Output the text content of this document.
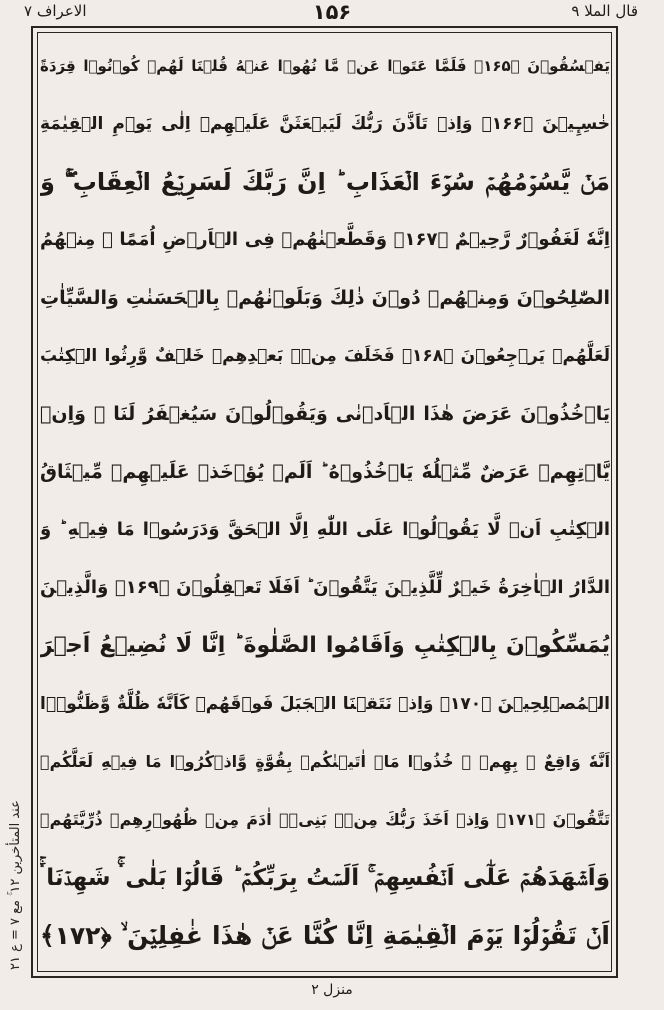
قال الملا ۹
۱۵۶
الاعراف ۷
يَفۡسُقُوۡنَ ﴿۱۶۵﴾ فَلَمَّا عَتَوۡا عَنۡ مَّا نُهُوۡا عَنۡهُ قُلۡنَا لَهُمۡ كُوۡنُوۡا قِرَدَةً
خٰسِـِٕيۡنَ ﴿۱۶۶﴾ وَاِذۡ تَاَذَّنَ رَبُّكَ لَيَبۡعَثَنَّ عَلَيۡهِمۡ اِلٰى يَوۡمِ الۡقِيٰمَةِ
مَنۡ يَّسُوۡمُهُمۡ سُوۡٓءَ الۡعَذَابِ ؕ اِنَّ رَبَّكَ لَسَرِيۡعُ الۡعِقَابِ ۖۚ وَ
اِنَّهٗ لَغَفُوۡرٌ رَّحِيۡمٌ ﴿۱۶۷﴾ وَقَطَّعۡنٰهُمۡ فِى الۡاَرۡضِ اُمَمًا ۚ مِنۡهُمُ
الصّٰلِحُوۡنَ وَمِنۡهُمۡ دُوۡنَ ذٰلِكَ وَبَلَوۡنٰهُمۡ بِالۡحَسَنٰتِ وَالسَّيِّاٰتِ
لَعَلَّهُمۡ يَرۡجِعُوۡنَ ﴿۱۶۸﴾ فَخَلَفَ مِنۡۢ بَعۡدِهِمۡ خَلۡفٌ وَّرِثُوا الۡكِتٰبَ
يَاۡخُذُوۡنَ عَرَضَ هٰذَا الۡاَدۡنٰى وَيَقُوۡلُوۡنَ سَيُغۡفَرُ لَنَا ۚ وَاِنۡ
يَّاۡتِهِمۡ عَرَضٌ مِّثۡلُهٗ يَاۡخُذُوۡهُ ؕ اَلَمۡ يُؤۡخَذۡ عَلَيۡهِمۡ مِّيۡثَاقُ
الۡكِتٰبِ اَنۡ لَّا يَقُوۡلُوۡا عَلَى اللّٰهِ اِلَّا الۡحَقَّ وَدَرَسُوۡا مَا فِيۡهِ ؕ وَ
الدَّارُ الۡاٰخِرَةُ خَيۡرٌ لِّلَّذِيۡنَ يَتَّقُوۡنَ ؕ اَفَلَا تَعۡقِلُوۡنَ ﴿۱۶۹﴾ وَالَّذِيۡنَ
يُمَسِّكُوۡنَ بِالۡكِتٰبِ وَاَقَامُوا الصَّلٰوةَ ؕ اِنَّا لَا نُضِيۡعُ اَجۡرَ
الۡمُصۡلِحِيۡنَ ﴿۱۷۰﴾ وَاِذۡ نَتَقۡنَا الۡجَبَلَ فَوۡقَهُمۡ كَاَنَّهٗ ظُلَّةٌ وَّظَنُّوۡۤا
اَنَّهٗ وَاقِعٌ ۢ بِهِمۡ ۚ خُذُوۡا مَاۤ اٰتَيۡنٰكُمۡ بِقُوَّةٍ وَّاذۡكُرُوۡا مَا فِيۡهِ لَعَلَّكُمۡ
تَتَّقُوۡنَ ﴿۱۷۱﴾ وَاِذۡ اَخَذَ رَبُّكَ مِنۡۢ بَنِىۡۤ اٰدَمَ مِنۡ ظُهُوۡرِهِمۡ ذُرِّيَّتَهُمۡ
وَاَشۡهَدَهُمۡ عَلٰٓى اَنۡفُسِهِمۡ ۚ اَلَسۡتُ بِرَبِّكُمۡ ؕ قَالُوۡا بَلٰى ۛۚ شَهِدۡنَا ۛۚ
اَنۡ تَقُوۡلُوۡا يَوۡمَ الۡقِيٰمَةِ اِنَّا كُنَّا عَنۡ هٰذَا غٰفِلِيۡنَ ۙ ﴿۱۷۲﴾
عند المتأخرين ۱۲ ۚ مع ۷ = ع ۲۱
منزل ۲
